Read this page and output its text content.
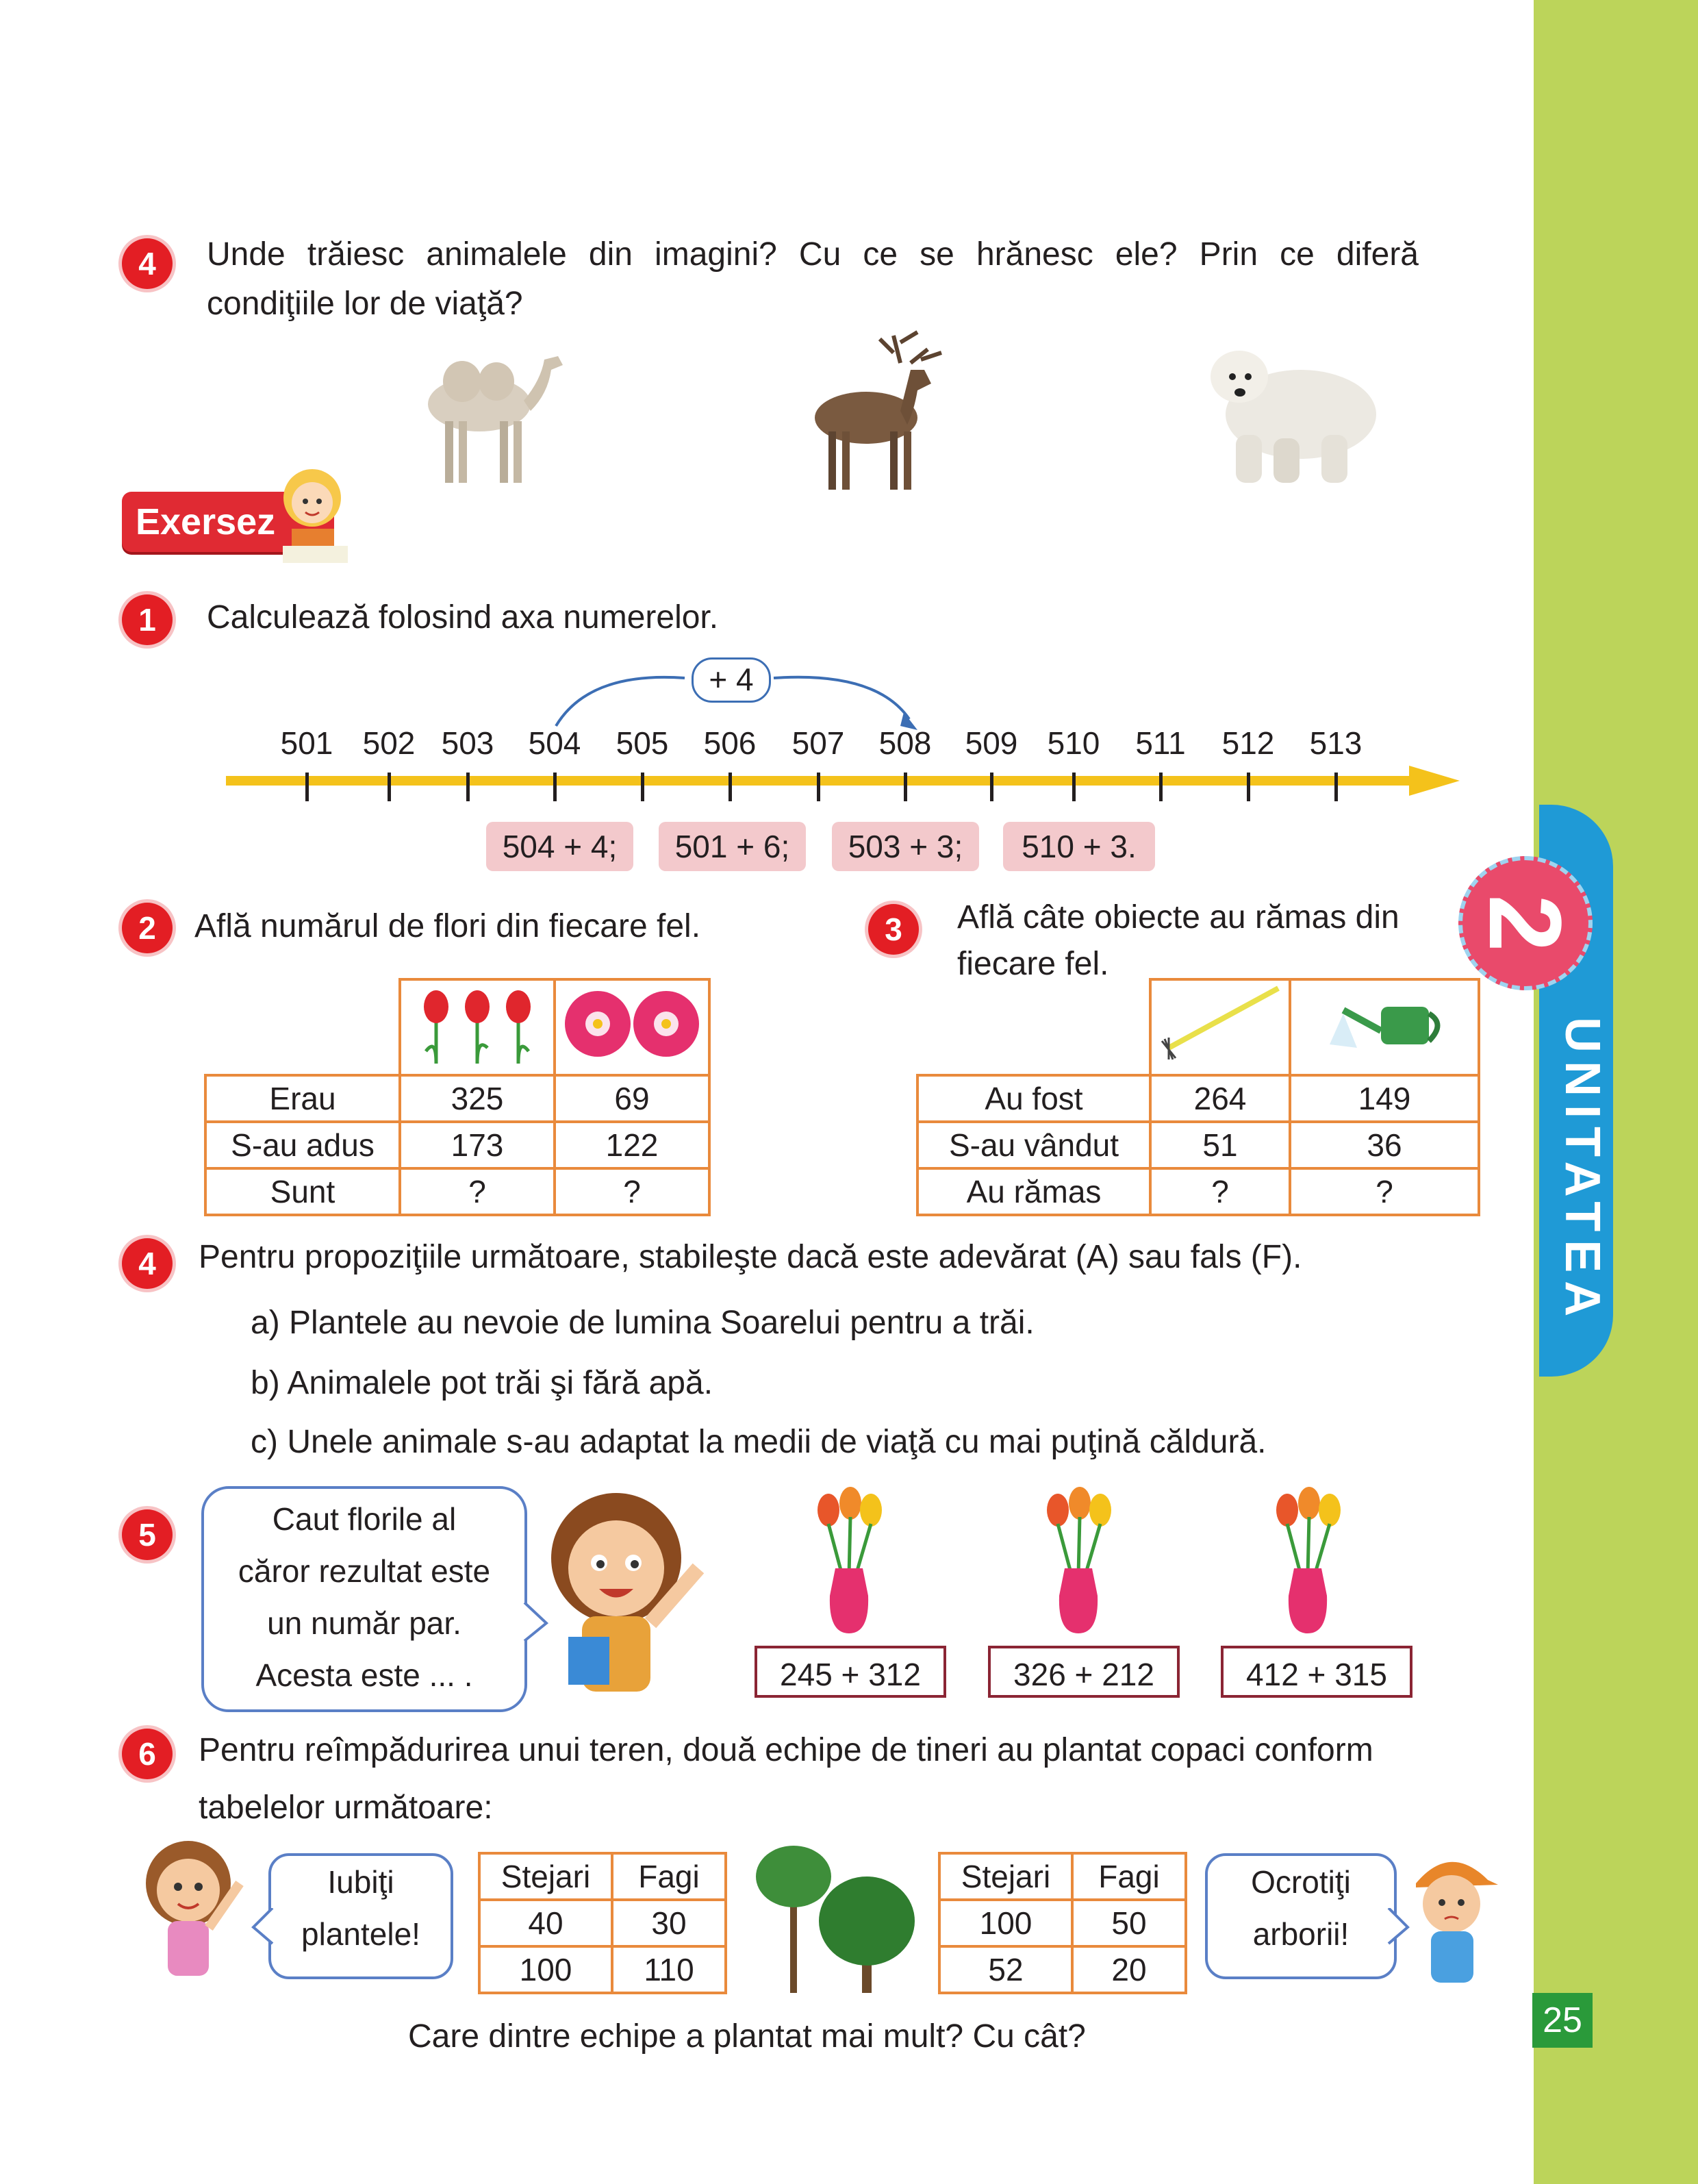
UNITATEA
2
25
4	Unde trăiesc animalele din imagini? Cu ce se hrănesc ele? Prin ce diferă
condiţiile lor de viaţă?
Exersez
1	Calculează folosind axa numerelor.
+ 4
501 502 503	504	505	506	507	508	509 510	511	512	513
504 + 4;	501 + 6;	503 + 3;	510 + 3.
2	Află numărul de flori din fiecare fel.

Erau	325	69
S-au adus	173	122
Sunt	?	?
3	Află câte obiecte au rămas din
fiecare fel.

Au fost	264	149
S-au vândut	51	36
Au rămas	?	?
4	Pentru propoziţiile următoare, stabileşte dacă este adevărat (A) sau fals (F).
a) Plantele au nevoie de lumina Soarelui pentru a trăi.
b) Animalele pot trăi şi fără apă.
c) Unele animale s-au adaptat la medii de viaţă cu mai puţină căldură.
5	Caut florile al
căror rezultat este
un număr par.
Acesta este ... .	245 + 312	326 + 212	412 + 315
6	Pentru reîmpădurirea unui teren, două echipe de tineri au plantat copaci conform
tabelelor următoare:
Iubiţi
plantele!
Stejari	Fagi
40	30
100	110
Stejari	Fagi
100	50
52	20
Ocrotiţi
arborii!
Care dintre echipe a plantat mai mult? Cu cât?
